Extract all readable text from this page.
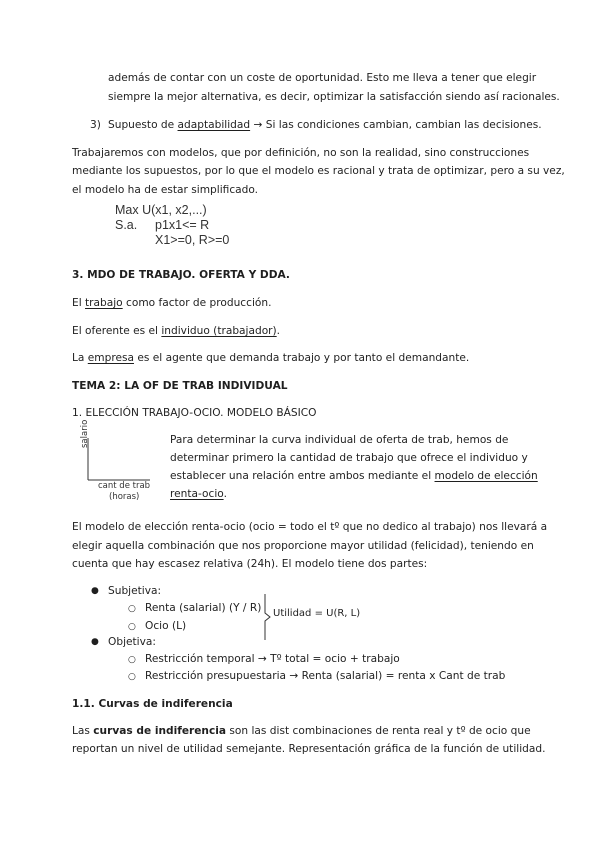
además de contar con un coste de oportunidad. Esto me lleva a tener que elegir
siempre la mejor alternativa, es decir, optimizar la satisfacción siendo así racionales.
3) Supuesto de adaptabilidad → Si las condiciones cambian, cambian las decisiones.
Trabajaremos con modelos, que por definición, no son la realidad, sino construcciones
mediante los supuestos, por lo que el modelo es racional y trata de optimizar, pero a su vez,
el modelo ha de estar simplificado.
Max U(x1, x2,...)
S.a. p1x1<= R
X1>=0, R>=0
3. MDO DE TRABAJO. OFERTA Y DDA.
El trabajo como factor de producción.
El oferente es el individuo (trabajador).
La empresa es el agente que demanda trabajo y por tanto el demandante.
TEMA 2: LA OF DE TRAB INDIVIDUAL
1. ELECCIÓN TRABAJO-OCIO. MODELO BÁSICO
salario
cant de trab
(horas)
Para determinar la curva individual de oferta de trab, hemos de
determinar primero la cantidad de trabajo que ofrece el individuo y
establecer una relación entre ambos mediante el modelo de elección
renta-ocio.
El modelo de elección renta-ocio (ocio = todo el tº que no dedico al trabajo) nos llevará a
elegir aquella combinación que nos proporcione mayor utilidad (felicidad), teniendo en
cuenta que hay escasez relativa (24h). El modelo tiene dos partes:
● Subjetiva:
○ Renta (salarial) (Y / R)
○ Ocio (L)
Utilidad = U(R, L)
● Objetiva:
○ Restricción temporal → Tº total = ocio + trabajo
○ Restricción presupuestaria → Renta (salarial) = renta x Cant de trab
1.1. Curvas de indiferencia
Las curvas de indiferencia son las dist combinaciones de renta real y tº de ocio que
reportan un nivel de utilidad semejante. Representación gráfica de la función de utilidad.
